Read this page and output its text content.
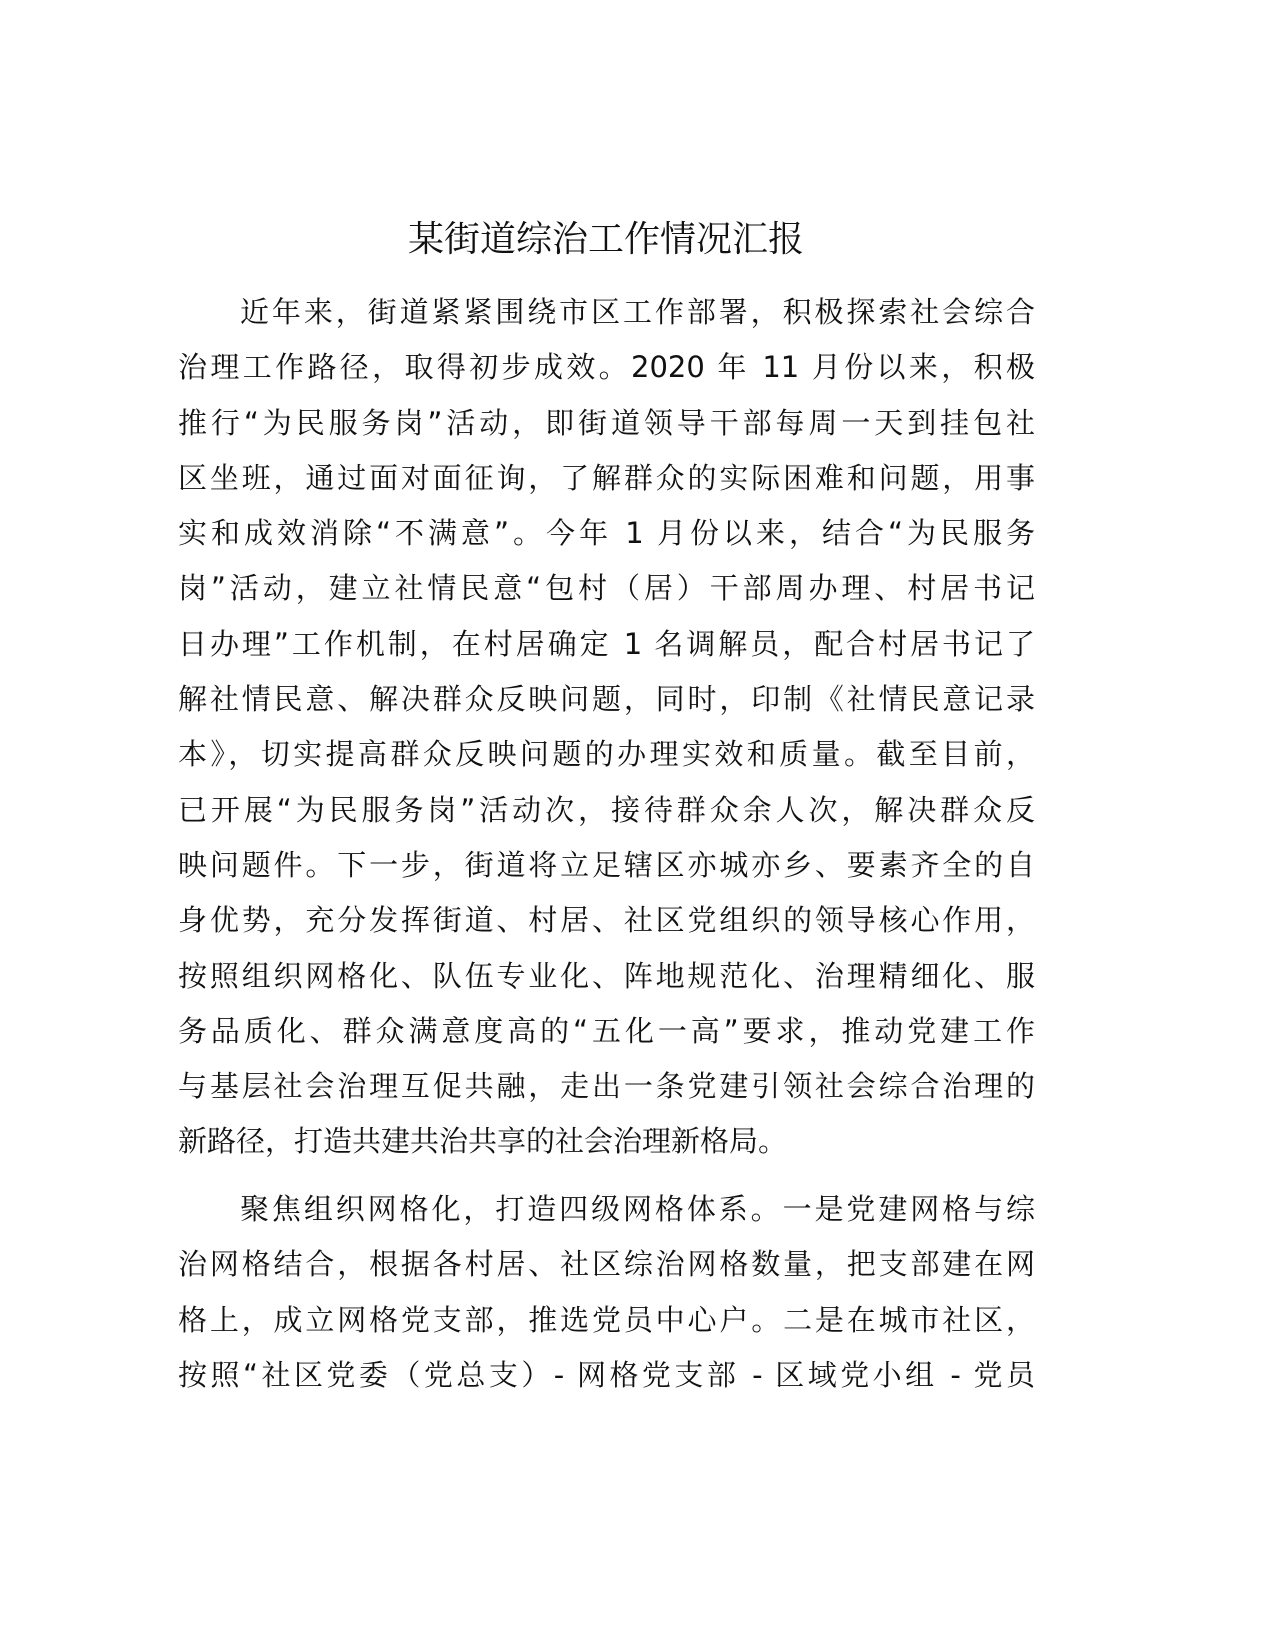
某街道综治工作情况汇报
近年来，街道紧紧围绕市区工作部署，积极探索社会综合
治理工作路径，取得初步成效。2020 年 11 月份以来，积极
推行“为民服务岗”活动，即街道领导干部每周一天到挂包社
区坐班，通过面对面征询，了解群众的实际困难和问题，用事
实和成效消除“不满意”。今年 1 月份以来，结合“为民服务
岗”活动，建立社情民意“包村（居）干部周办理、村居书记
日办理”工作机制，在村居确定 1 名调解员，配合村居书记了
解社情民意、解决群众反映问题，同时，印制《社情民意记录
本》，切实提高群众反映问题的办理实效和质量。截至目前，
已开展“为民服务岗”活动次，接待群众余人次，解决群众反
映问题件。下一步，街道将立足辖区亦城亦乡、要素齐全的自
身优势，充分发挥街道、村居、社区党组织的领导核心作用，
按照组织网格化、队伍专业化、阵地规范化、治理精细化、服
务品质化、群众满意度高的“五化一高”要求，推动党建工作
与基层社会治理互促共融，走出一条党建引领社会综合治理的
新路径，打造共建共治共享的社会治理新格局。
聚焦组织网格化，打造四级网格体系。一是党建网格与综
治网格结合，根据各村居、社区综治网格数量，把支部建在网
格上，成立网格党支部，推选党员中心户。二是在城市社区，
按照“社区党委（党总支）- 网格党支部 - 区域党小组 - 党员
